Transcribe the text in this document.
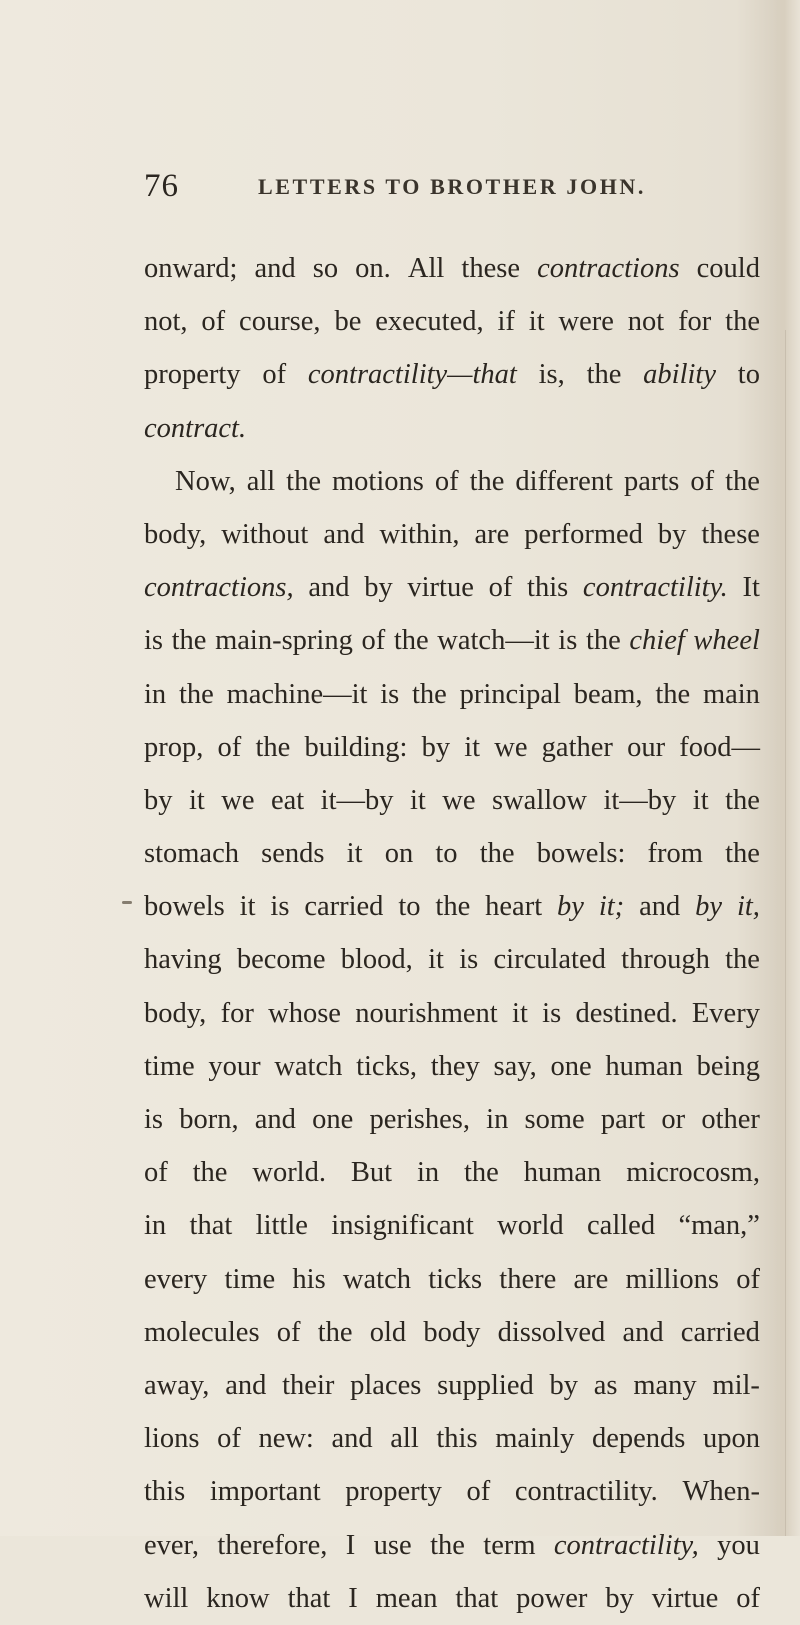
76	LETTERS TO BROTHER JOHN.
onward; and so on. All these contractions could
not, of course, be executed, if it were not for the
property of contractility—that is, the ability to
contract.
Now, all the motions of the different parts of the
body, without and within, are performed by these
contractions, and by virtue of this contractility. It
is the main-spring of the watch—it is the chief wheel
in the machine—it is the principal beam, the main
prop, of the building: by it we gather our food—
by it we eat it—by it we swallow it—by it the
stomach sends it on to the bowels: from the
bowels it is carried to the heart by it; and by it,
having become blood, it is circulated through the
body, for whose nourishment it is destined. Every
time your watch ticks, they say, one human being
is born, and one perishes, in some part or other
of the world. But in the human microcosm,
in that little insignificant world called “man,”
every time his watch ticks there are millions of
molecules of the old body dissolved and carried
away, and their places supplied by as many mil-
lions of new: and all this mainly depends upon
this important property of contractility. When-
ever, therefore, I use the term contractility, you
will know that I mean that power by virtue of
